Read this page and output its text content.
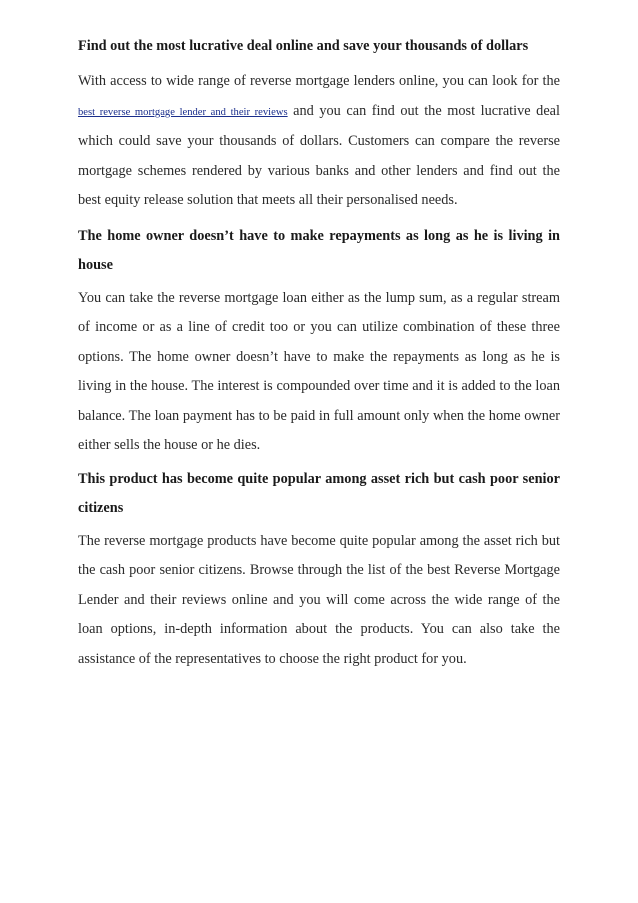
Find out the most lucrative deal online and save your thousands of dollars

With access to wide range of reverse mortgage lenders online, you can look for the best reverse mortgage lender and their reviews and you can find out the most lucrative deal which could save your thousands of dollars. Customers can compare the reverse mortgage schemes rendered by various banks and other lenders and find out the best equity release solution that meets all their personalised needs.

The home owner doesn’t have to make repayments as long as he is living in house

You can take the reverse mortgage loan either as the lump sum, as a regular stream of income or as a line of credit too or you can utilize combination of these three options. The home owner doesn’t have to make the repayments as long as he is living in the house. The interest is compounded over time and it is added to the loan balance. The loan payment has to be paid in full amount only when the home owner either sells the house or he dies.

This product has become quite popular among asset rich but cash poor senior citizens

The reverse mortgage products have become quite popular among the asset rich but the cash poor senior citizens. Browse through the list of the best Reverse Mortgage Lender and their reviews online and you will come across the wide range of the loan options, in-depth information about the products. You can also take the assistance of the representatives to choose the right product for you.
